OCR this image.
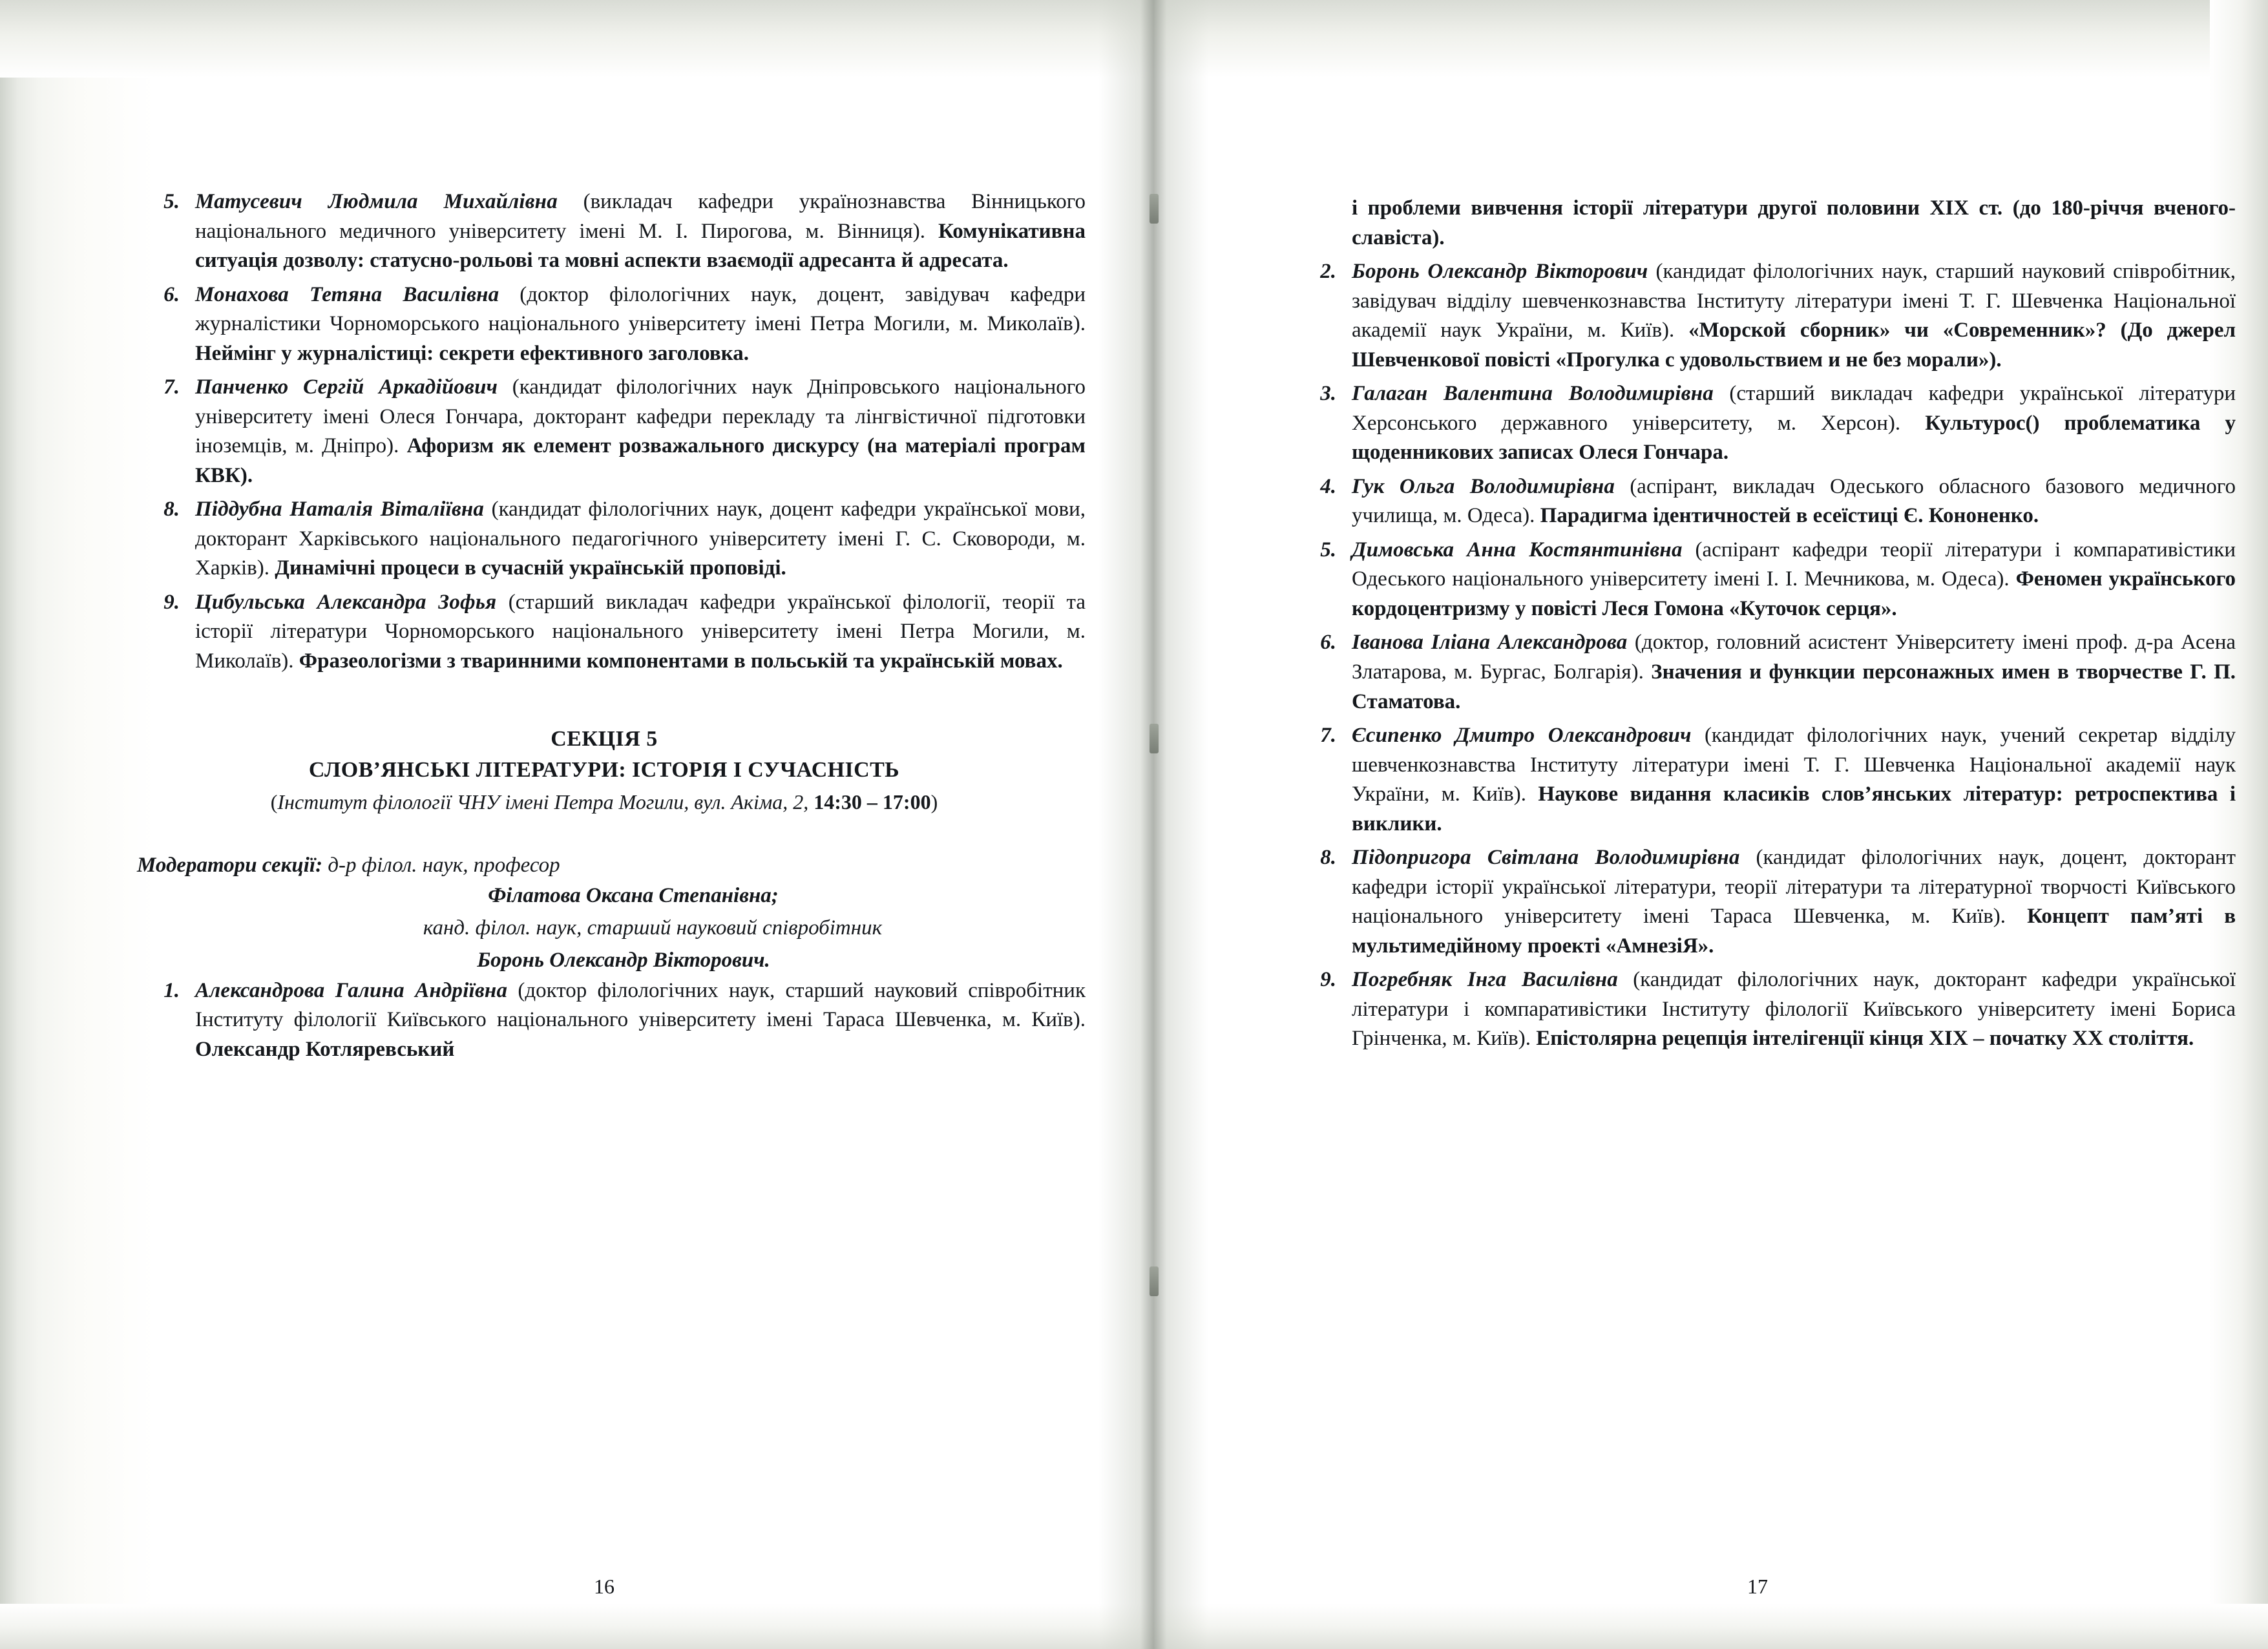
5. Матусевич Людмила Михайлівна (викладач кафедри українознавства Вінницького національного медичного університету імені М. І. Пирогова, м. Вінниця). Комунікативна ситуація дозволу: статусно-рольові та мовні аспекти взаємодії адресанта й адресата.
6. Монахова Тетяна Василівна (доктор філологічних наук, доцент, завідувач кафедри журналістики Чорноморського національного університету імені Петра Могили, м. Миколаїв). Неймінг у журналістиці: секрети ефективного заголовка.
7. Панченко Сергій Аркадійович (кандидат філологічних наук Дніпровського національного університету імені Олеся Гончара, докторант кафедри перекладу та лінгвістичної підготовки іноземців, м. Дніпро). Афоризм як елемент розважального дискурсу (на матеріалі програм КВК).
8. Піддубна Наталія Віталіївна (кандидат філологічних наук, доцент кафедри української мови, докторант Харківського національного педагогічного університету імені Г. С. Сковороди, м. Харків). Динамічні процеси в сучасній українській проповіді.
9. Цибульська Александра Зофья (старший викладач кафедри української філології, теорії та історії літератури Чорноморського національного університету імені Петра Могили, м. Миколаїв). Фразеологізми з тваринними компонентами в польській та українській мовах.
СЕКЦІЯ 5
СЛОВ’ЯНСЬКІ ЛІТЕРАТУРИ: ІСТОРІЯ І СУЧАСНІСТЬ
(Інститут філології ЧНУ імені Петра Могили, вул. Акіма, 2, 14:30 – 17:00)
Модератори секції: д-р філол. наук, професор
Філатова Оксана Степанівна;
канд. філол. наук, старший науковий співробітник
Боронь Олександр Вікторович.
1. Александрова Галина Андріївна (доктор філологічних наук, старший науковий співробітник Інституту філології Київського національного університету імені Тараса Шевченка, м. Київ). Олександр Котляревський
16
і проблеми вивчення історії літератури другої половини ХІХ ст. (до 180-річчя вченого-славіста).
2. Боронь Олександр Вікторович (кандидат філологічних наук, старший науковий співробітник, завідувач відділу шевченкознавства Інституту літератури імені Т. Г. Шевченка Національної академії наук України, м. Київ). «Морской сборник» чи «Современник»? (До джерел Шевченкової повісті «Прогулка с удовольствием и не без морали»).
3. Галаган Валентина Володимирівна (старший викладач кафедри української літератури Херсонського державного університету, м. Херсон). Культурос() проблематика у щоденникових записах Олеся Гончара.
4. Гук Ольга Володимирівна (аспірант, викладач Одеського обласного базового медичного училища, м. Одеса). Парадигма ідентичностей в есеїстиці Є. Кононенко.
5. Димовська Анна Костянтинівна (аспірант кафедри теорії літератури і компаративістики Одеського національного університету імені І. І. Мечникова, м. Одеса). Феномен українського кордоцентризму у повісті Леся Гомона «Куточок серця».
6. Іванова Іліана Александрова (доктор, головний асистент Університету імені проф. д-ра Асена Златарова, м. Бургас, Болгарія). Значения и функции персонажных имен в творчестве Г. П. Стаматова.
7. Єсипенко Дмитро Олександрович (кандидат філологічних наук, учений секретар відділу шевченкознавства Інституту літератури імені Т. Г. Шевченка Національної академії наук України, м. Київ). Наукове видання класиків слов’янських літератур: ретроспектива і виклики.
8. Підопригора Світлана Володимирівна (кандидат філологічних наук, доцент, докторант кафедри історії української літератури, теорії літератури та літературної творчості Київського національного університету імені Тараса Шевченка, м. Київ). Концепт пам’яті в мультимедійному проекті «АмнезіЯ».
9. Погребняк Інга Василівна (кандидат філологічних наук, докторант кафедри української літератури і компаративістики Інституту філології Київського університету імені Бориса Грінченка, м. Київ). Епістолярна рецепція інтелігенції кінця ХІХ – початку ХХ століття.
17
